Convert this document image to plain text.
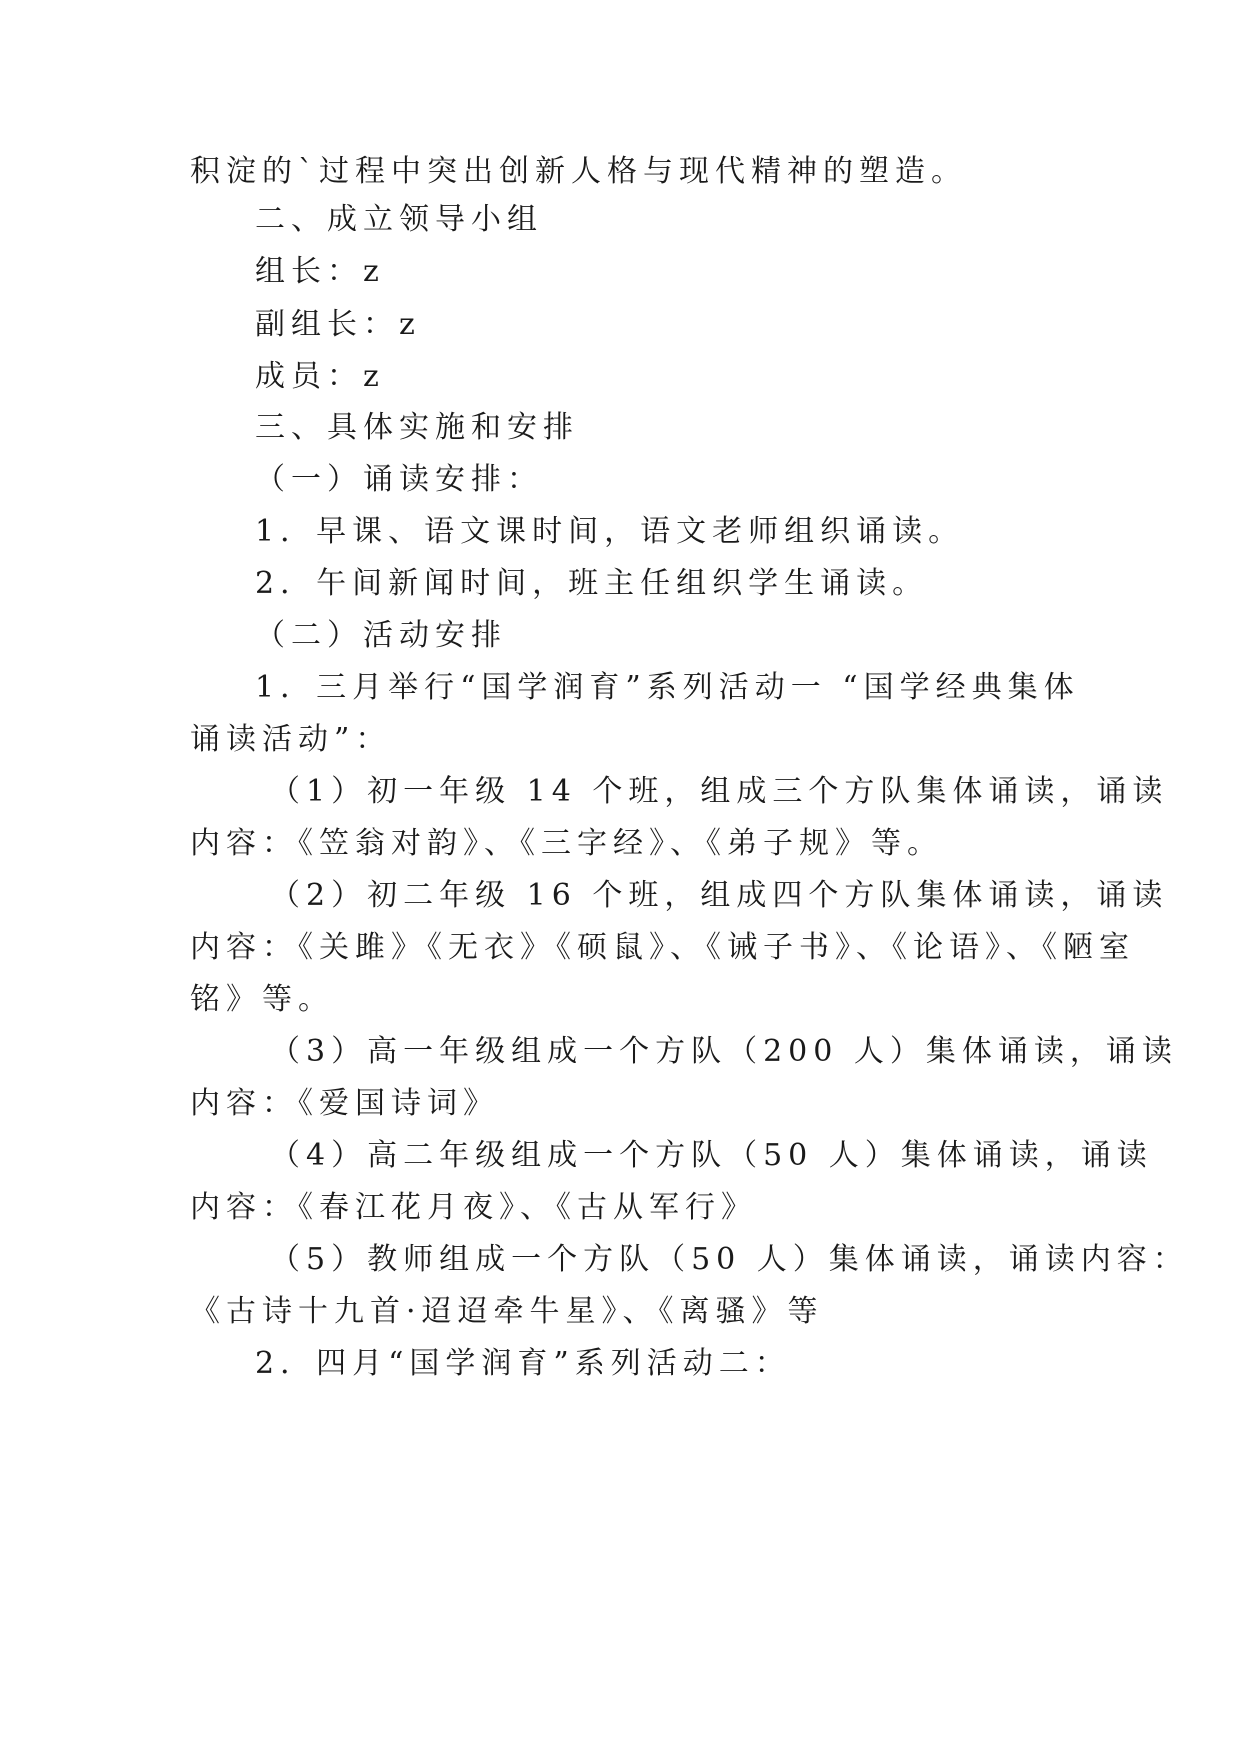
积淀的`过程中突出创新人格与现代精神的塑造。
二、成立领导小组
组长：z
副组长：z
成员：z
三、具体实施和安排
（一）诵读安排：
1．早课、语文课时间，语文老师组织诵读。
2．午间新闻时间，班主任组织学生诵读。
（二）活动安排
1．三月举行“国学润育”系列活动一 “国学经典集体
诵读活动”：
（1）初一年级 14 个班，组成三个方队集体诵读，诵读
内容：《笠翁对韵》、《三字经》、《弟子规》等。
（2）初二年级 16 个班，组成四个方队集体诵读，诵读
内容：《关雎》《无衣》《硕鼠》、《诫子书》、《论语》、《陋室
铭》等。
（3）高一年级组成一个方队（200 人）集体诵读，诵读
内容：《爱国诗词》
（4）高二年级组成一个方队（50 人）集体诵读，诵读
内容：《春江花月夜》、《古从军行》
（5）教师组成一个方队（50 人）集体诵读，诵读内容：
《古诗十九首·迢迢牵牛星》、《离骚》等
2．四月“国学润育”系列活动二：
